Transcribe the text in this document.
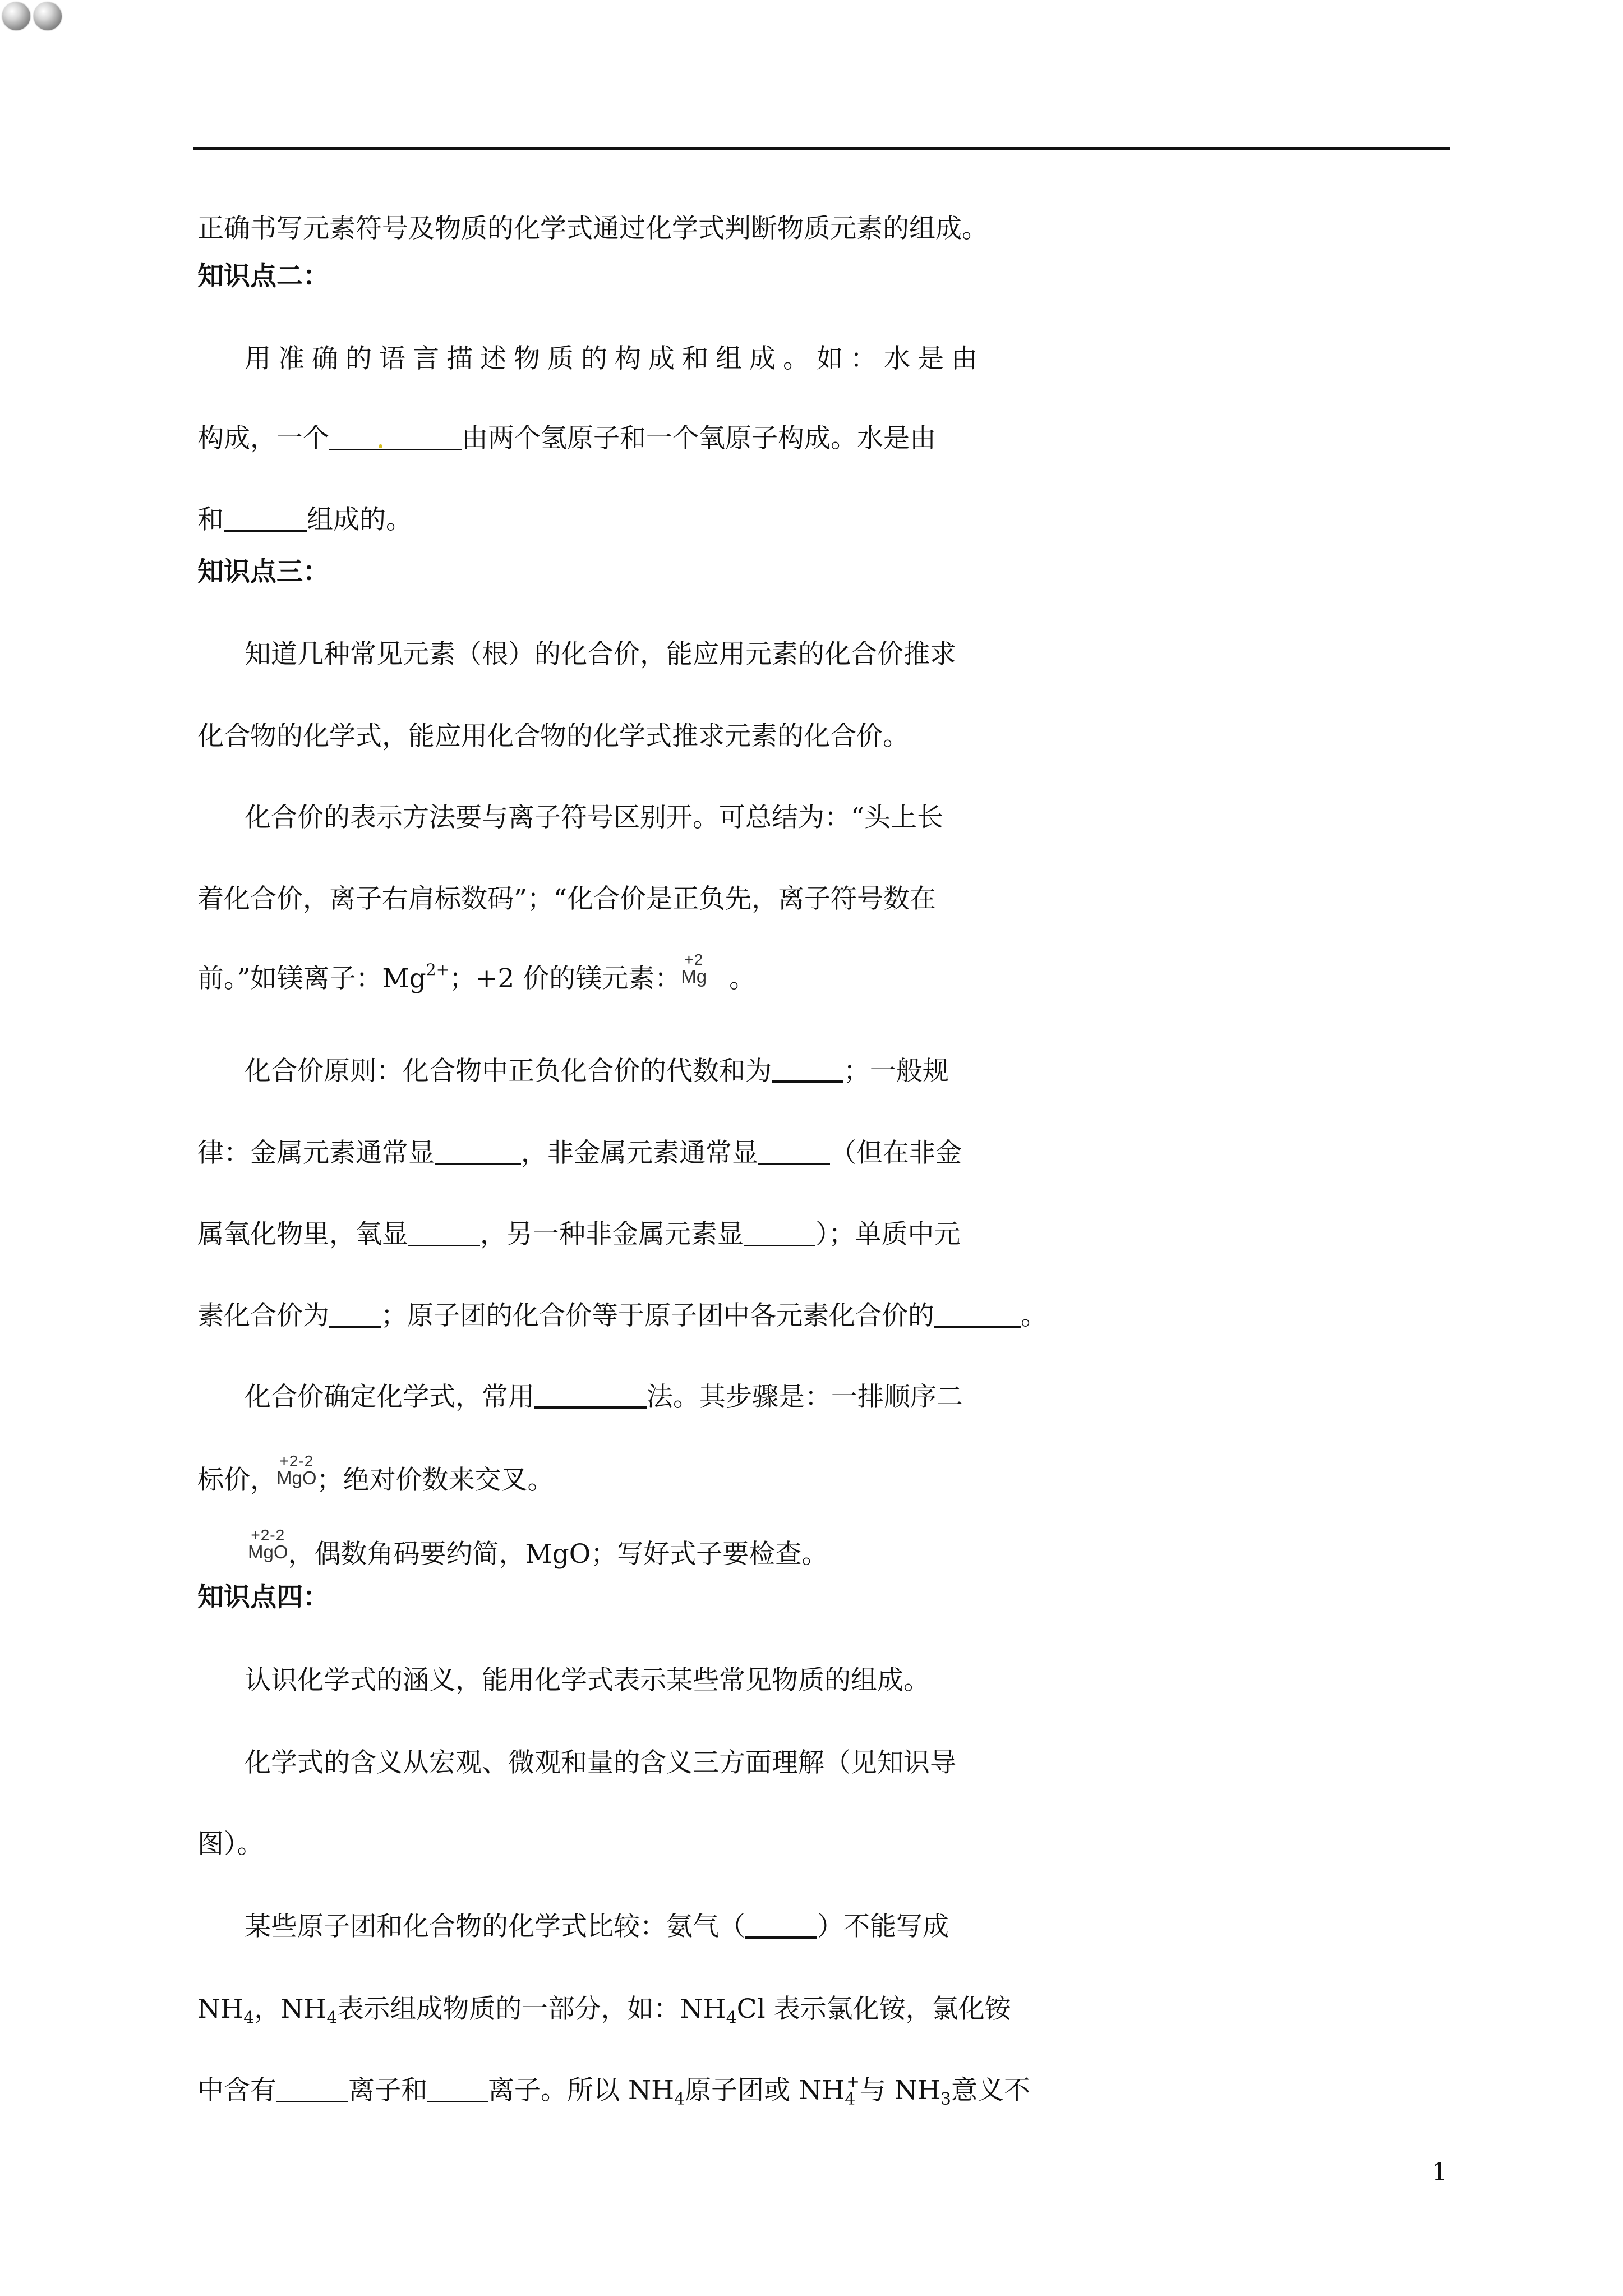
正确书写元素符号及物质的化学式通过化学式判断物质元素的组成。
知识点二：
用准确的语言描述物质的构成和组成。如：水是由
构成，一个	由两个氢原子和一个氧原子构成。水是由
和	组成的。
知识点三：
知道几种常见元素（根）的化合价，能应用元素的化合价推求
化合物的化学式，能应用化合物的化学式推求元素的化合价。
化合价的表示方法要与离子符号区别开。可总结为：“头上长
着化合价，离子右肩标数码”；“化合价是正负先，离子符号数在
前。”如镁离子：$Mg^{2+}$；+2 价的镁元素：
+2
Mg 。
化合价原则：化合物中正负化合价的代数和为	；一般规
律：金属元素通常显	，非金属元素通常显	（但在非金
属氧化物里，氧显	，另一种非金属元素显	）；单质中元
素化合价为 ；原子团的化合价等于原子团中各元素化合价的	。
化合价确定化学式，常用	法。其步骤是：一排顺序二
标价，
+2-2
MgO ；绝对价数来交叉。
+2-2
MgO ，偶数角码要约简，MgO；写好式子要检查。
知识点四：
认识化学式的涵义，能用化学式表示某些常见物质的组成。
化学式的含义从宏观、微观和量的含义三方面理解（见知识导
图）。
某些原子团和化合物的化学式比较：氨气（	）不能写成
$NH_4$，$NH_4$表示组成物质的一部分，如：$NH_4Cl$ 表示氯化铵，氯化铵
中含有	离子和 离子。所以 $NH_4$原子团或 $NH_4^+$与 $NH_3$意义不
1
